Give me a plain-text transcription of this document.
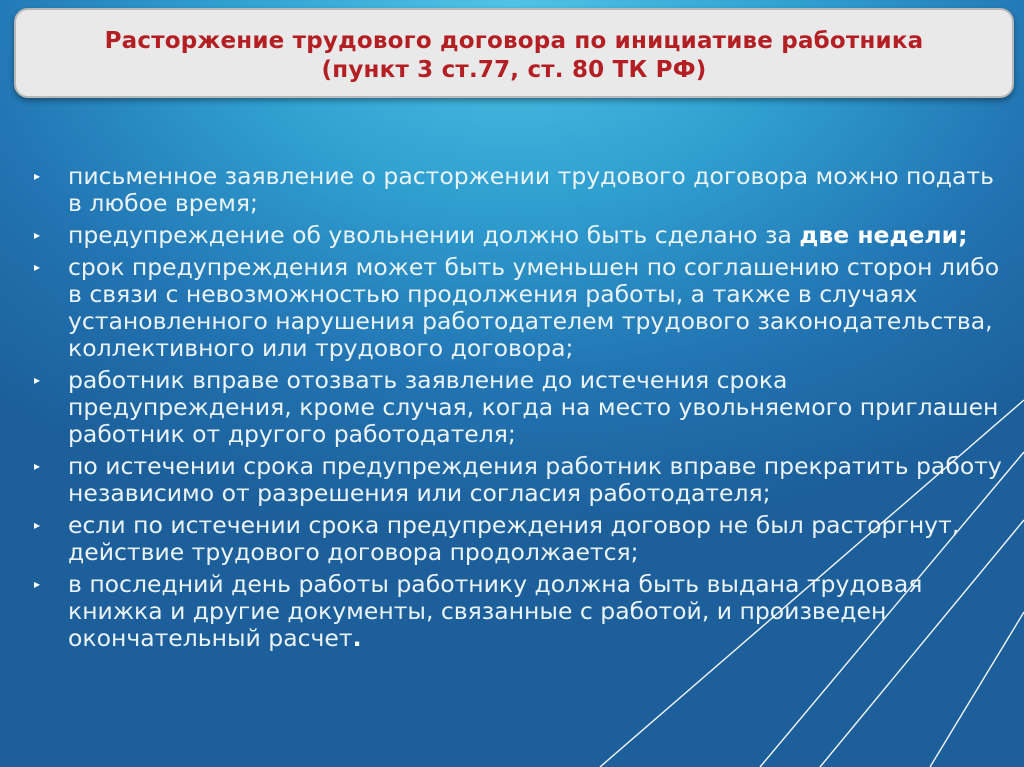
Расторжение трудового договора по инициативе работника
(пункт 3 ст.77, ст. 80 ТК РФ)
▸	письменное заявление о расторжении трудового договора можно подать в любое время;
▸	предупреждение об увольнении должно быть сделано за две недели;
▸	срок предупреждения может быть уменьшен по соглашению сторон либо в связи с невозможностью продолжения работы, а также в случаях установленного нарушения работодателем трудового законодательства, коллективного или трудового договора;
▸	работник вправе отозвать заявление до истечения срока предупреждения, кроме случая, когда на место увольняемого приглашен работник от другого работодателя;
▸	по истечении срока предупреждения работник вправе прекратить работу независимо от разрешения или согласия работодателя;
▸	если по истечении срока предупреждения договор не был расторгнут, действие трудового договора продолжается;
▸	в последний день работы работнику должна быть выдана трудовая книжка и другие документы, связанные с работой, и произведен окончательный расчет.
